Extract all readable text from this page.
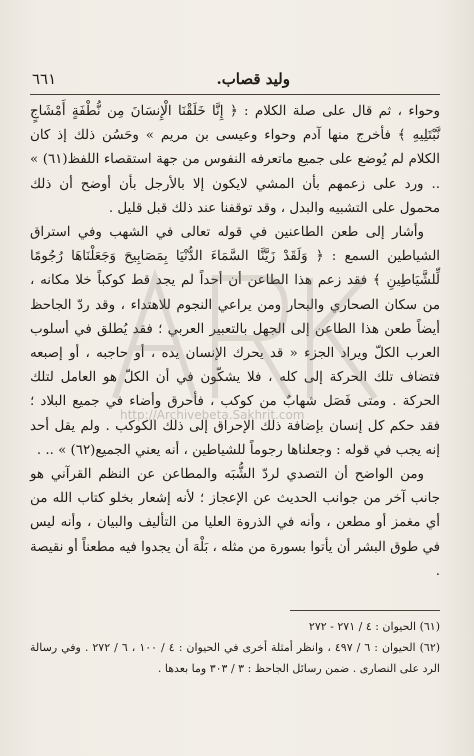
٦٦١	.وليد قصاب

وحواء ، ثم قال على صلة الكلام : ﴿ إِنَّا خَلَقْنَا الْإِنسَانَ مِن نُّطْفَةٍ أَمْشَاجٍ نَّبْتَلِيهِ ﴾ فأخرج منها آدم وحواء وعيسى بن مريم » وحَسُن ذلك إذ كان الكلام لم يُوضع على جميع ماتعرفه النفوس من جهة استقصاء اللفظ(٦١) » .. ورد على زعمهم بأن المشي لايكون إلا بالأرجل بأن أوضح أن ذلك محمول على التشبيه والبدل ، وقد توقفنا عند ذلك قبل قليل .

وأشار إلى طعن الطاعنين في قوله تعالى في الشهب وفي استراق الشياطين السمع : ﴿ وَلَقَدْ زَيَّنَّا السَّمَاءَ الدُّنْيَا بِمَصَابِيحَ وَجَعَلْنَاهَا رُجُومًا لِّلشَّيَاطِينِ ﴾ فقد زعم هذا الطاعن أن أحداً لم يجد قط كوكباً خلا مكانه ، من سكان الصحاري والبحار ومن يراعي النجوم للاهتداء ، وقد ردّ الجاحظ أيضاً طعن هذا الطاعن إلى الجهل بالتعبير العربي ؛ فقد يُطلق في أسلوب العرب الكلّ ويراد الجزء « قد يحرك الإنسان يده ، أو حاجبه ، أو إصبعه فتضاف تلك الحركة إلى كله ، فلا يشكّون في أن الكلّ هو العامل لتلك الحركة . ومتى فَصَل شهابٌ من كوكب ، فأحرق وأضاء في جميع البلاد ؛ فقد حكم كل إنسان بإضافة ذلك الإحراق إلى ذلك الكوكب . ولم يقل أحد إنه يجب في قوله : وجعلناها رجوماً للشياطين ، أنه يعني الجميع(٦٢) » .. .

ومن الواضح أن التصدي لردّ الشُّبَه والمطاعن عن النظم القرآني هو جانب آخر من جوانب الحديث عن الإعجاز ؛ لأنه إشعار بخلو كتاب الله من أي مغمز أو مطعن ، وأنه في الذروة العليا من التأليف والبيان ، وأنه ليس في طوق البشر أن يأتوا بسورة من مثله ، بَلْهَ أن يجدوا فيه مطعناً أو نقيصة .

(٦١) الحيوان : ٤ / ٢٧١ - ٢٧٢
(٦٢) الحيوان : ٦ / ٤٩٧ ، وانظر أمثلة أخرى في الحيوان : ٤ / ١٠٠ ، ٦ / ٢٧٢ . وفي رسالة الرد على النصارى . ضمن رسائل الجاحظ : ٣ / ٣٠٣ وما بعدها .
http://Archivebeta.Sakhrit.com
